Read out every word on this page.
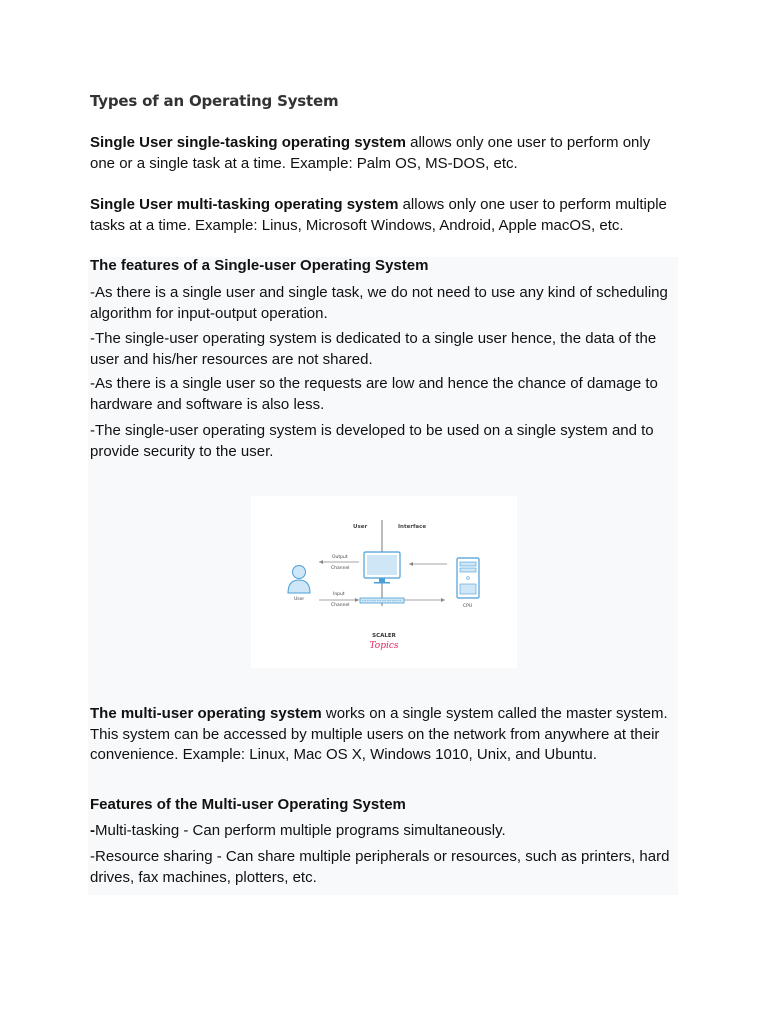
Types of an Operating System
Single User single-tasking operating system allows only one user to perform only
one or a single task at a time. Example: Palm OS, MS-DOS, etc.
Single User multi-tasking operating system allows only one user to perform multiple
tasks at a time. Example: Linus, Microsoft Windows, Android, Apple macOS, etc.
The features of a Single-user Operating System
-As there is a single user and single task, we do not need to use any kind of scheduling
algorithm for input-output operation.
-The single-user operating system is dedicated to a single user hence, the data of the
user and his/her resources are not shared.
-As there is a single user so the requests are low and hence the chance of damage to
hardware and software is also less.
-The single-user operating system is developed to be used on a single system and to
provide security to the user.
User	Interface
User
Output
Channel
Input
Channel	CPU
SCALER
Topics
The multi-user operating system works on a single system called the master system.
This system can be accessed by multiple users on the network from anywhere at their
convenience. Example: Linux, Mac OS X, Windows 1010, Unix, and Ubuntu.
Features of the Multi-user Operating System
-Multi-tasking - Can perform multiple programs simultaneously.
-Resource sharing - Can share multiple peripherals or resources, such as printers, hard
drives, fax machines, plotters, etc.
